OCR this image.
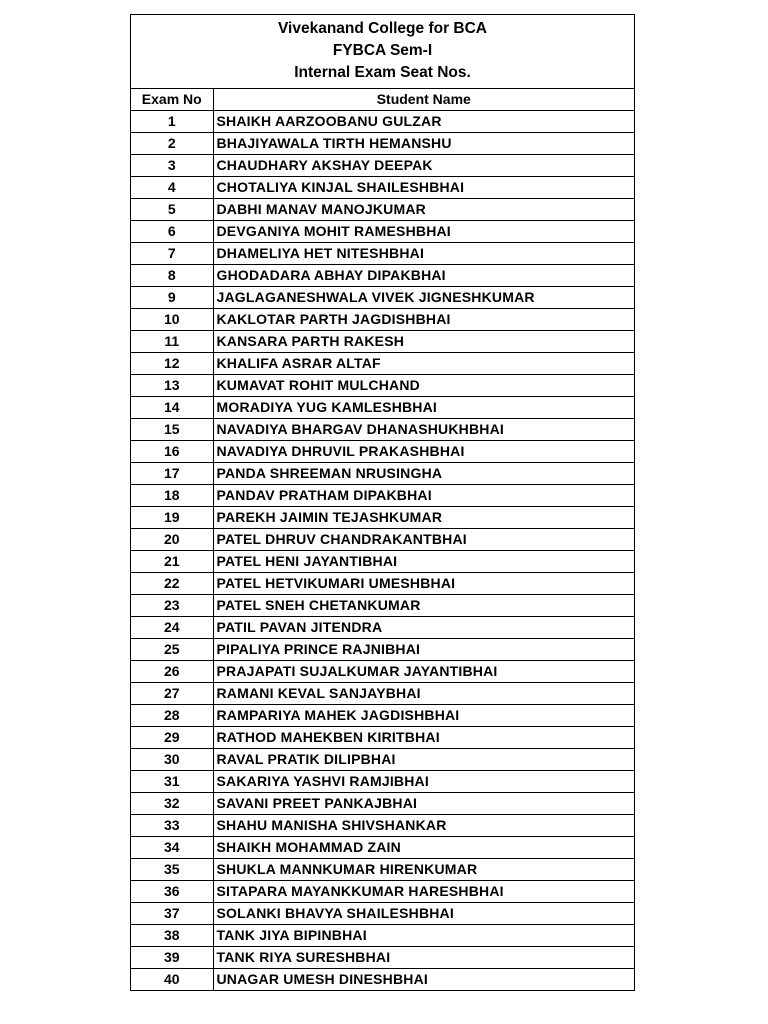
Vivekanand College for BCA
FYBCA Sem-I
Internal Exam Seat Nos.
Exam No	Student Name
1	SHAIKH AARZOOBANU GULZAR
2	BHAJIYAWALA TIRTH HEMANSHU
3	CHAUDHARY AKSHAY DEEPAK
4	CHOTALIYA KINJAL SHAILESHBHAI
5	DABHI MANAV MANOJKUMAR
6	DEVGANIYA MOHIT RAMESHBHAI
7	DHAMELIYA HET NITESHBHAI
8	GHODADARA ABHAY DIPAKBHAI
9	JAGLAGANESHWALA VIVEK JIGNESHKUMAR
10	KAKLOTAR PARTH JAGDISHBHAI
11	KANSARA PARTH RAKESH
12	KHALIFA ASRAR ALTAF
13	KUMAVAT ROHIT MULCHAND
14	MORADIYA YUG KAMLESHBHAI
15	NAVADIYA BHARGAV DHANASHUKHBHAI
16	NAVADIYA DHRUVIL PRAKASHBHAI
17	PANDA SHREEMAN NRUSINGHA
18	PANDAV PRATHAM DIPAKBHAI
19	PAREKH JAIMIN TEJASHKUMAR
20	PATEL DHRUV CHANDRAKANTBHAI
21	PATEL HENI JAYANTIBHAI
22	PATEL HETVIKUMARI UMESHBHAI
23	PATEL SNEH CHETANKUMAR
24	PATIL PAVAN JITENDRA
25	PIPALIYA PRINCE RAJNIBHAI
26	PRAJAPATI SUJALKUMAR JAYANTIBHAI
27	RAMANI KEVAL SANJAYBHAI
28	RAMPARIYA MAHEK JAGDISHBHAI
29	RATHOD MAHEKBEN KIRITBHAI
30	RAVAL PRATIK DILIPBHAI
31	SAKARIYA YASHVI RAMJIBHAI
32	SAVANI PREET PANKAJBHAI
33	SHAHU MANISHA SHIVSHANKAR
34	SHAIKH MOHAMMAD ZAIN
35	SHUKLA MANNKUMAR HIRENKUMAR
36	SITAPARA MAYANKKUMAR HARESHBHAI
37	SOLANKI BHAVYA SHAILESHBHAI
38	TANK JIYA BIPINBHAI
39	TANK RIYA SURESHBHAI
40	UNAGAR UMESH DINESHBHAI
